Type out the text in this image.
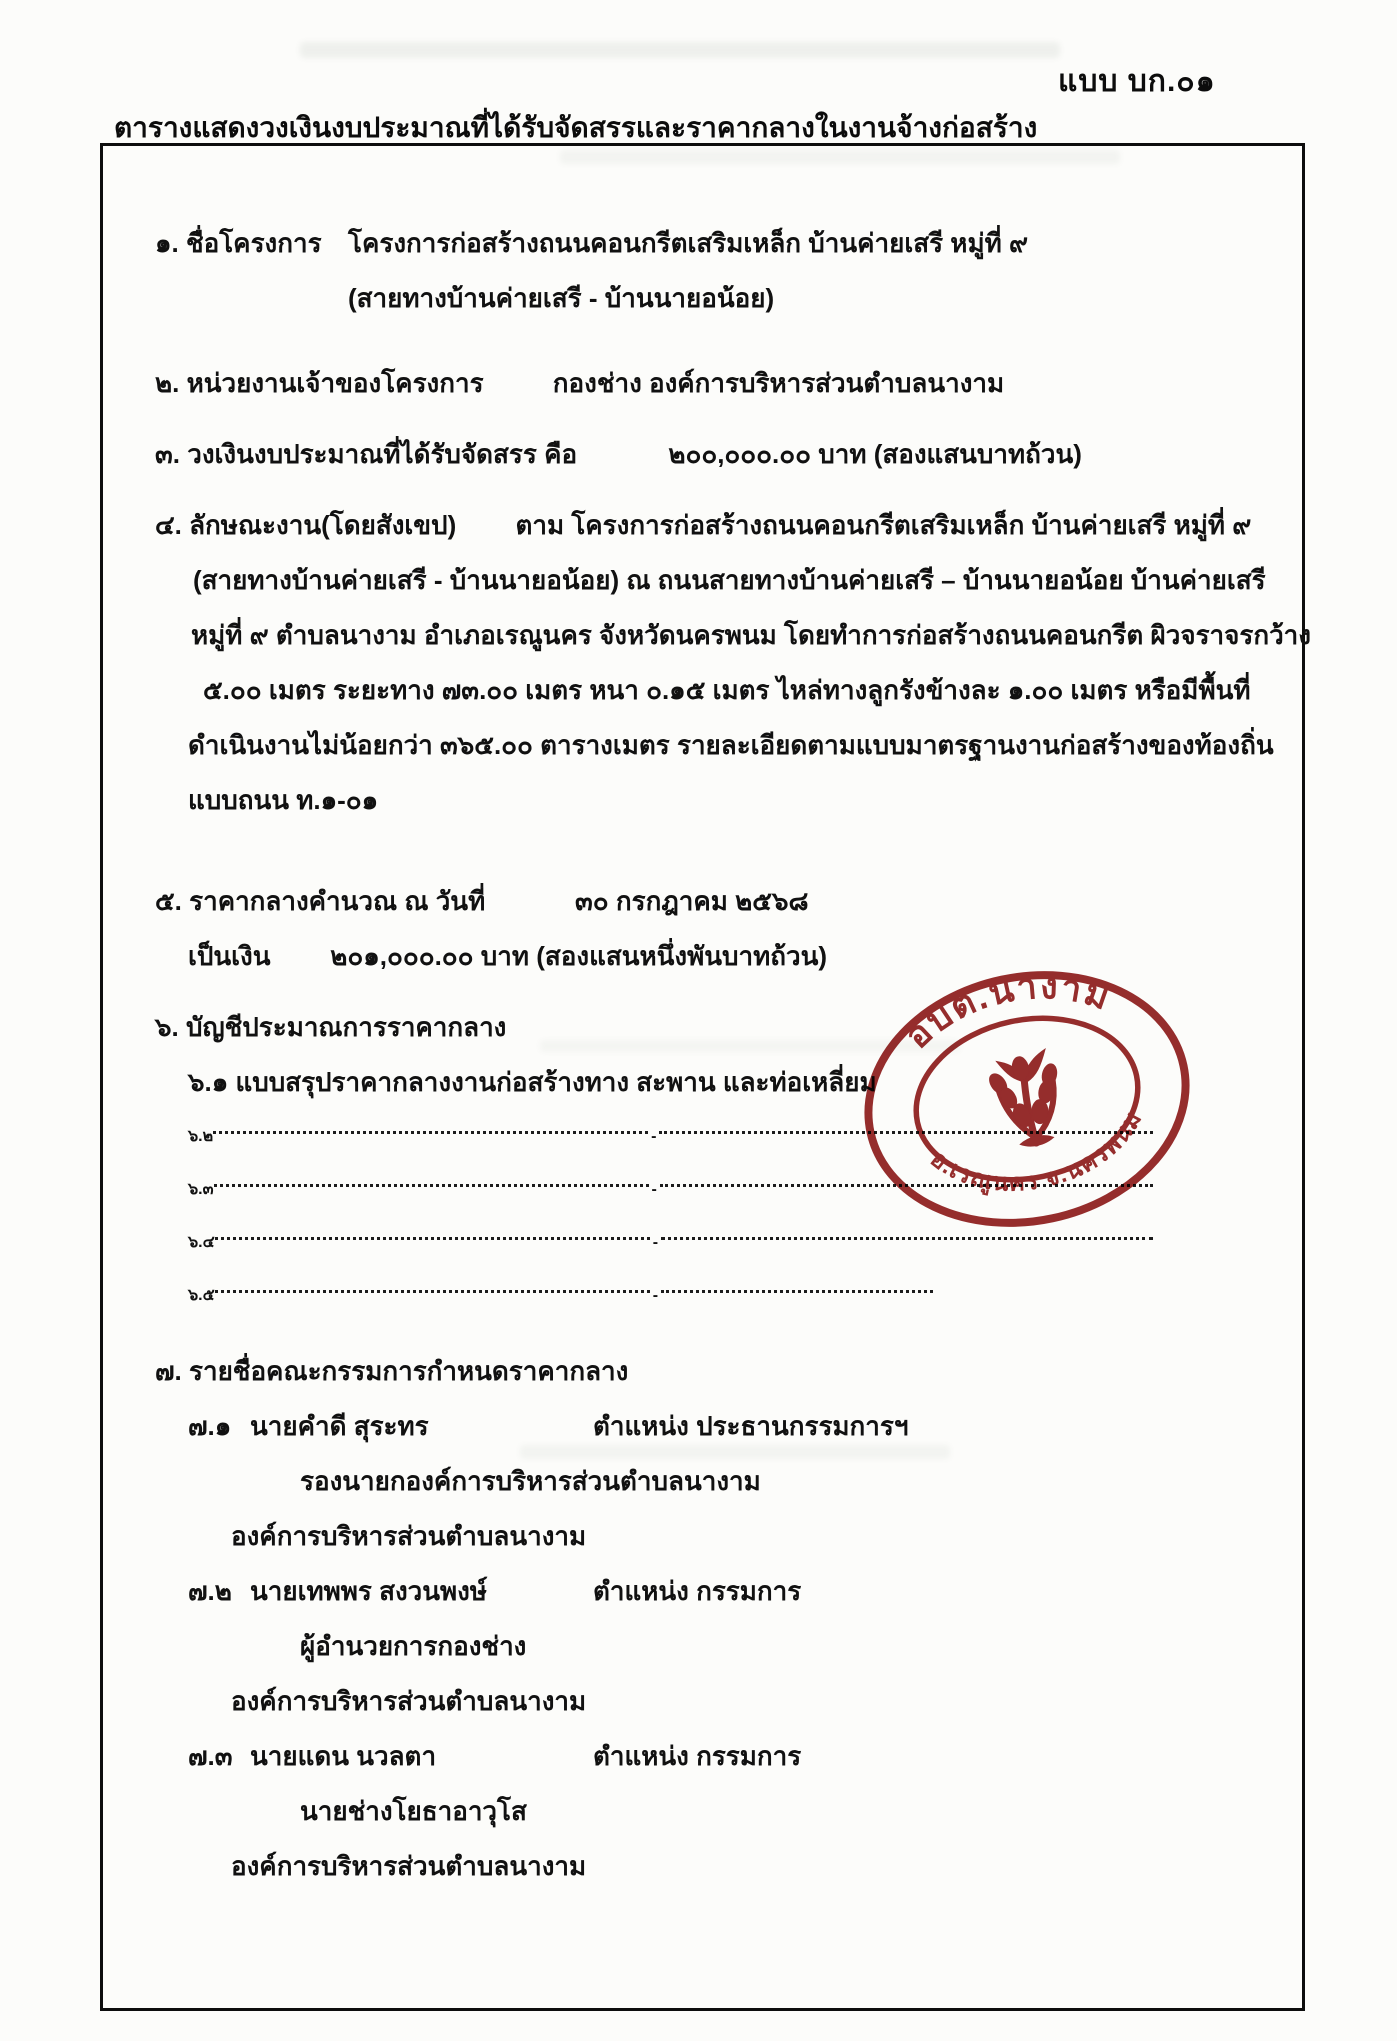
แบบ บก.๐๑
ตารางแสดงวงเงินงบประมาณที่ได้รับจัดสรรและราคากลางในงานจ้างก่อสร้าง
๑. ชื่อโครงการ	โครงการก่อสร้างถนนคอนกรีตเสริมเหล็ก บ้านค่ายเสรี หมู่ที่ ๙
(สายทางบ้านค่ายเสรี - บ้านนายอน้อย)
๒. หน่วยงานเจ้าของโครงการ	กองช่าง องค์การบริหารส่วนตำบลนางาม
๓. วงเงินงบประมาณที่ได้รับจัดสรร คือ	๒๐๐,๐๐๐.๐๐ บาท (สองแสนบาทถ้วน)
๔. ลักษณะงาน(โดยสังเขป) ตาม โครงการก่อสร้างถนนคอนกรีตเสริมเหล็ก บ้านค่ายเสรี หมู่ที่ ๙
(สายทางบ้านค่ายเสรี - บ้านนายอน้อย) ณ ถนนสายทางบ้านค่ายเสรี – บ้านนายอน้อย บ้านค่ายเสรี
หมู่ที่ ๙ ตำบลนางาม อำเภอเรณูนคร จังหวัดนครพนม โดยทำการก่อสร้างถนนคอนกรีต ผิวจราจรกว้าง
๕.๐๐ เมตร ระยะทาง ๗๓.๐๐ เมตร หนา ๐.๑๕ เมตร ไหล่ทางลูกรังข้างละ ๑.๐๐ เมตร หรือมีพื้นที่
ดำเนินงานไม่น้อยกว่า ๓๖๕.๐๐ ตารางเมตร รายละเอียดตามแบบมาตรฐานงานก่อสร้างของท้องถิ่น
แบบถนน ท.๑-๐๑
๕. ราคากลางคำนวณ ณ วันที่	๓๐ กรกฎาคม ๒๕๖๘
เป็นเงิน ๒๐๑,๐๐๐.๐๐ บาท (สองแสนหนึ่งพันบาทถ้วน)
๖. บัญชีประมาณการราคากลาง
๖.๑ แบบสรุปราคากลางงานก่อสร้างทาง สะพาน และท่อเหลี่ยม
๖.๒	-
๖.๓	-
๖.๔	-
๖.๕	-
๗. รายชื่อคณะกรรมการกำหนดราคากลาง
๗.๑ นายคำดี สุระทร	ตำแหน่ง ประธานกรรมการฯ
รองนายกองค์การบริหารส่วนตำบลนางาม
องค์การบริหารส่วนตำบลนางาม
๗.๒ นายเทพพร สงวนพงษ์	ตำแหน่ง กรรมการ
ผู้อำนวยการกองช่าง
องค์การบริหารส่วนตำบลนางาม
๗.๓ นายแดน นวลตา	ตำแหน่ง กรรมการ
นายช่างโยธาอาวุโส
องค์การบริหารส่วนตำบลนางาม
อบต.นางาม
อ.เรณูนคร จ.นครพนม
